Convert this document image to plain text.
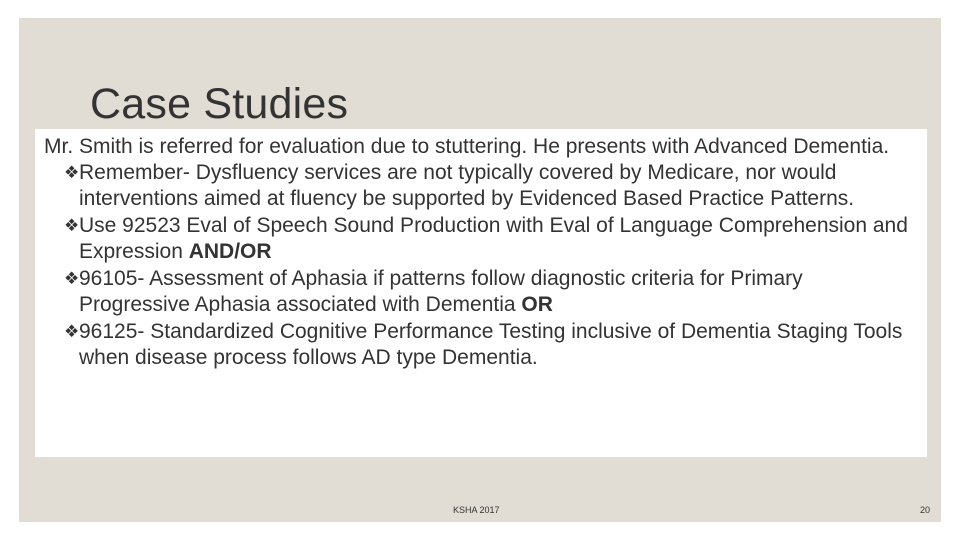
Case Studies

Mr. Smith is referred for evaluation due to stuttering. He presents with Advanced Dementia.

❖ Remember- Dysfluency services are not typically covered by Medicare, nor would interventions aimed at fluency be supported by Evidenced Based Practice Patterns.
❖ Use 92523 Eval of Speech Sound Production with Eval of Language Comprehension and Expression AND/OR
❖ 96105- Assessment of Aphasia if patterns follow diagnostic criteria for Primary Progressive Aphasia associated with Dementia OR
❖ 96125- Standardized Cognitive Performance Testing inclusive of Dementia Staging Tools when disease process follows AD type Dementia.
KSHA 2017	20
